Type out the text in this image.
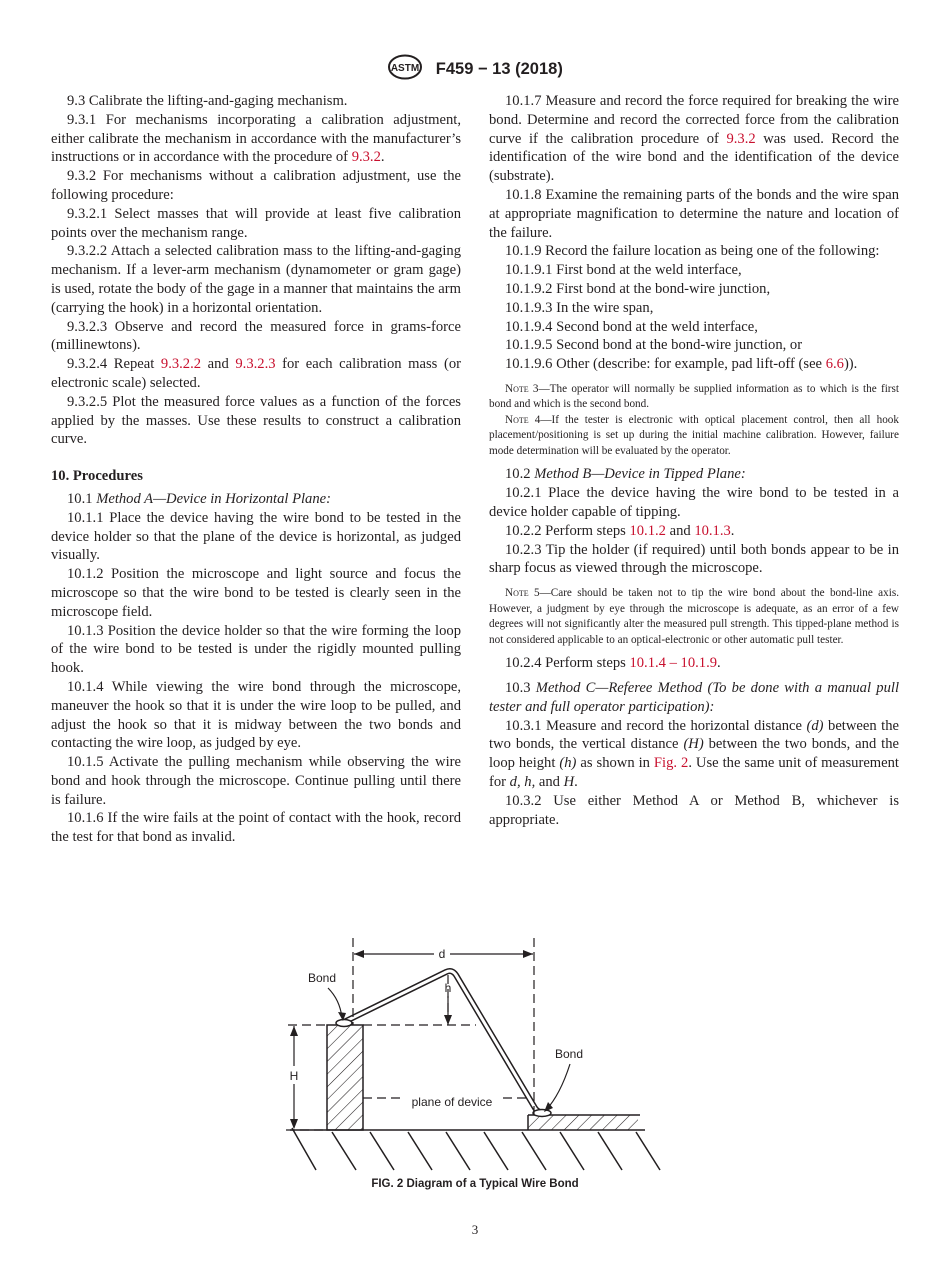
ASTM F459 − 13 (2018)

9.3 Calibrate the lifting-and-gaging mechanism.

9.3.1 For mechanisms incorporating a calibration adjustment, either calibrate the mechanism in accordance with the manufacturer’s instructions or in accordance with the procedure of 9.3.2.

9.3.2 For mechanisms without a calibration adjustment, use the following procedure:

9.3.2.1 Select masses that will provide at least five calibration points over the mechanism range.

9.3.2.2 Attach a selected calibration mass to the lifting-and-gaging mechanism. If a lever-arm mechanism (dynamometer or gram gage) is used, rotate the body of the gage in a manner that maintains the arm (carrying the hook) in a horizontal orientation.

9.3.2.3 Observe and record the measured force in grams-force (millinewtons).

9.3.2.4 Repeat 9.3.2.2 and 9.3.2.3 for each calibration mass (or electronic scale) selected.

9.3.2.5 Plot the measured force values as a function of the forces applied by the masses. Use these results to construct a calibration curve.

10. Procedures

10.1 Method A—Device in Horizontal Plane:

10.1.1 Place the device having the wire bond to be tested in the device holder so that the plane of the device is horizontal, as judged visually.

10.1.2 Position the microscope and light source and focus the microscope so that the wire bond to be tested is clearly seen in the microscope field.

10.1.3 Position the device holder so that the wire forming the loop of the wire bond to be tested is under the rigidly mounted pulling hook.

10.1.4 While viewing the wire bond through the microscope, maneuver the hook so that it is under the wire loop to be pulled, and adjust the hook so that it is midway between the two bonds and contacting the wire loop, as judged by eye.

10.1.5 Activate the pulling mechanism while observing the wire bond and hook through the microscope. Continue pulling until there is failure.

10.1.6 If the wire fails at the point of contact with the hook, record the test for that bond as invalid.

10.1.7 Measure and record the force required for breaking the wire bond. Determine and record the corrected force from the calibration curve if the calibration procedure of 9.3.2 was used. Record the identification of the wire bond and the identification of the device (substrate).

10.1.8 Examine the remaining parts of the bonds and the wire span at appropriate magnification to determine the nature and location of the failure.

10.1.9 Record the failure location as being one of the following:

10.1.9.1 First bond at the weld interface,

10.1.9.2 First bond at the bond-wire junction,

10.1.9.3 In the wire span,

10.1.9.4 Second bond at the weld interface,

10.1.9.5 Second bond at the bond-wire junction, or

10.1.9.6 Other (describe: for example, pad lift-off (see 6.6)).

Note 3—The operator will normally be supplied information as to which is the first bond and which is the second bond.

Note 4—If the tester is electronic with optical placement control, then all hook placement/positioning is set up during the initial machine calibration. However, failure mode determination will be evaluated by the operator.

10.2 Method B—Device in Tipped Plane:

10.2.1 Place the device having the wire bond to be tested in a device holder capable of tipping.

10.2.2 Perform steps 10.1.2 and 10.1.3.

10.2.3 Tip the holder (if required) until both bonds appear to be in sharp focus as viewed through the microscope.

Note 5—Care should be taken not to tip the wire bond about the bond-line axis. However, a judgment by eye through the microscope is adequate, as an error of a few degrees will not significantly alter the measured pull strength. This tipped-plane method is not considered applicable to an optical-electronic or other automatic pull tester.

10.2.4 Perform steps 10.1.4 – 10.1.9.

10.3 Method C—Referee Method (To be done with a manual pull tester and full operator participation):

10.3.1 Measure and record the horizontal distance (d) between the two bonds, the vertical distance (H) between the two bonds, and the loop height (h) as shown in Fig. 2. Use the same unit of measurement for d, h, and H.

10.3.2 Use either Method A or Method B, whichever is appropriate.

d
h
H
Bond
Bond
plane of device
FIG. 2 Diagram of a Typical Wire Bond
3
